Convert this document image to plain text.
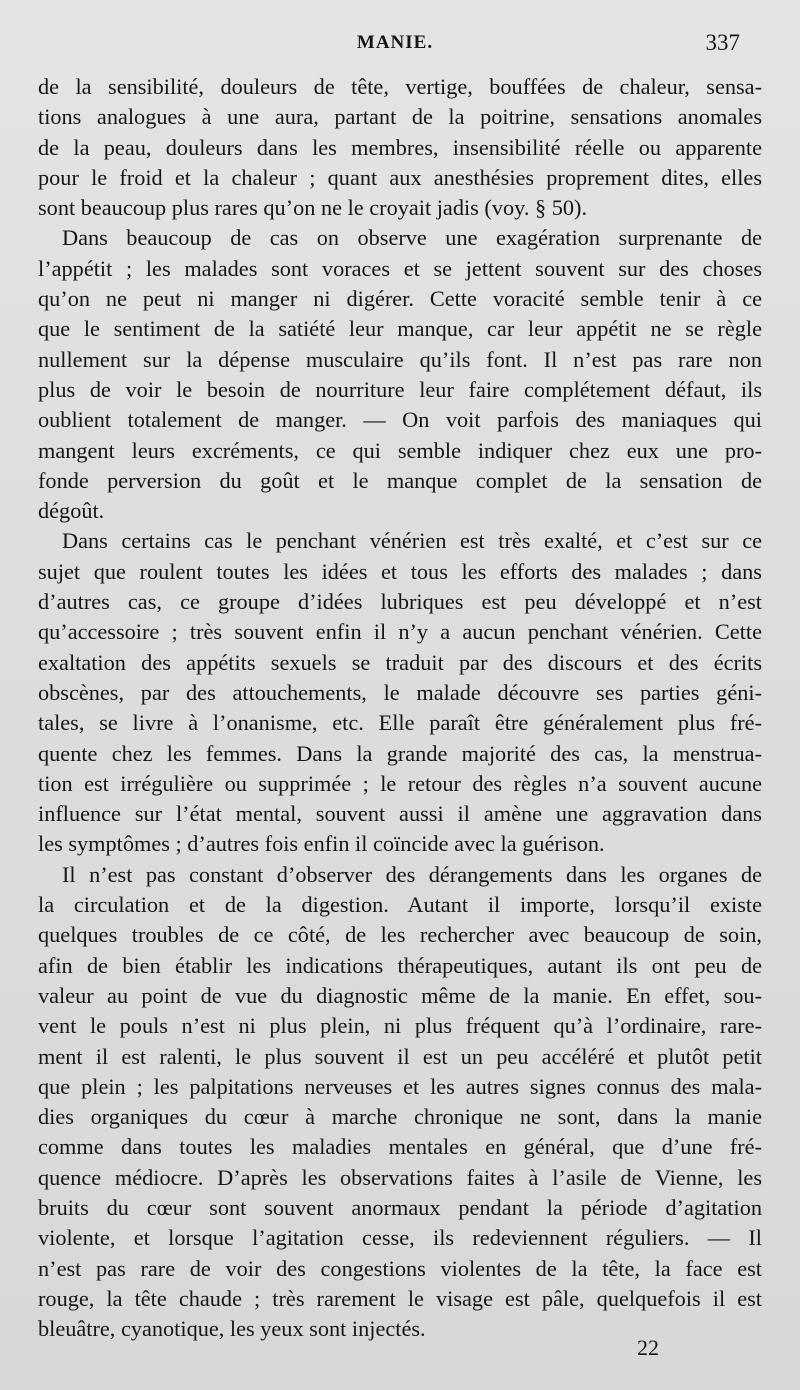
MANIE.	337
de la sensibilité, douleurs de tête, vertige, bouffées de chaleur, sensa-
tions analogues à une aura, partant de la poitrine, sensations anomales
de la peau, douleurs dans les membres, insensibilité réelle ou apparente
pour le froid et la chaleur ; quant aux anesthésies proprement dites, elles
sont beaucoup plus rares qu’on ne le croyait jadis (voy. § 50).
Dans beaucoup de cas on observe une exagération surprenante de
l’appétit ; les malades sont voraces et se jettent souvent sur des choses
qu’on ne peut ni manger ni digérer. Cette voracité semble tenir à ce
que le sentiment de la satiété leur manque, car leur appétit ne se règle
nullement sur la dépense musculaire qu’ils font. Il n’est pas rare non
plus de voir le besoin de nourriture leur faire complétement défaut, ils
oublient totalement de manger. — On voit parfois des maniaques qui
mangent leurs excréments, ce qui semble indiquer chez eux une pro-
fonde perversion du goût et le manque complet de la sensation de
dégoût.
Dans certains cas le penchant vénérien est très exalté, et c’est sur ce
sujet que roulent toutes les idées et tous les efforts des malades ; dans
d’autres cas, ce groupe d’idées lubriques est peu développé et n’est
qu’accessoire ; très souvent enfin il n’y a aucun penchant vénérien. Cette
exaltation des appétits sexuels se traduit par des discours et des écrits
obscènes, par des attouchements, le malade découvre ses parties géni-
tales, se livre à l’onanisme, etc. Elle paraît être généralement plus fré-
quente chez les femmes. Dans la grande majorité des cas, la menstrua-
tion est irrégulière ou supprimée ; le retour des règles n’a souvent aucune
influence sur l’état mental, souvent aussi il amène une aggravation dans
les symptômes ; d’autres fois enfin il coïncide avec la guérison.
Il n’est pas constant d’observer des dérangements dans les organes de
la circulation et de la digestion. Autant il importe, lorsqu’il existe
quelques troubles de ce côté, de les rechercher avec beaucoup de soin,
afin de bien établir les indications thérapeutiques, autant ils ont peu de
valeur au point de vue du diagnostic même de la manie. En effet, sou-
vent le pouls n’est ni plus plein, ni plus fréquent qu’à l’ordinaire, rare-
ment il est ralenti, le plus souvent il est un peu accéléré et plutôt petit
que plein ; les palpitations nerveuses et les autres signes connus des mala-
dies organiques du cœur à marche chronique ne sont, dans la manie
comme dans toutes les maladies mentales en général, que d’une fré-
quence médiocre. D’après les observations faites à l’asile de Vienne, les
bruits du cœur sont souvent anormaux pendant la période d’agitation
violente, et lorsque l’agitation cesse, ils redeviennent réguliers. — Il
n’est pas rare de voir des congestions violentes de la tête, la face est
rouge, la tête chaude ; très rarement le visage est pâle, quelquefois il est
bleuâtre, cyanotique, les yeux sont injectés.
22
